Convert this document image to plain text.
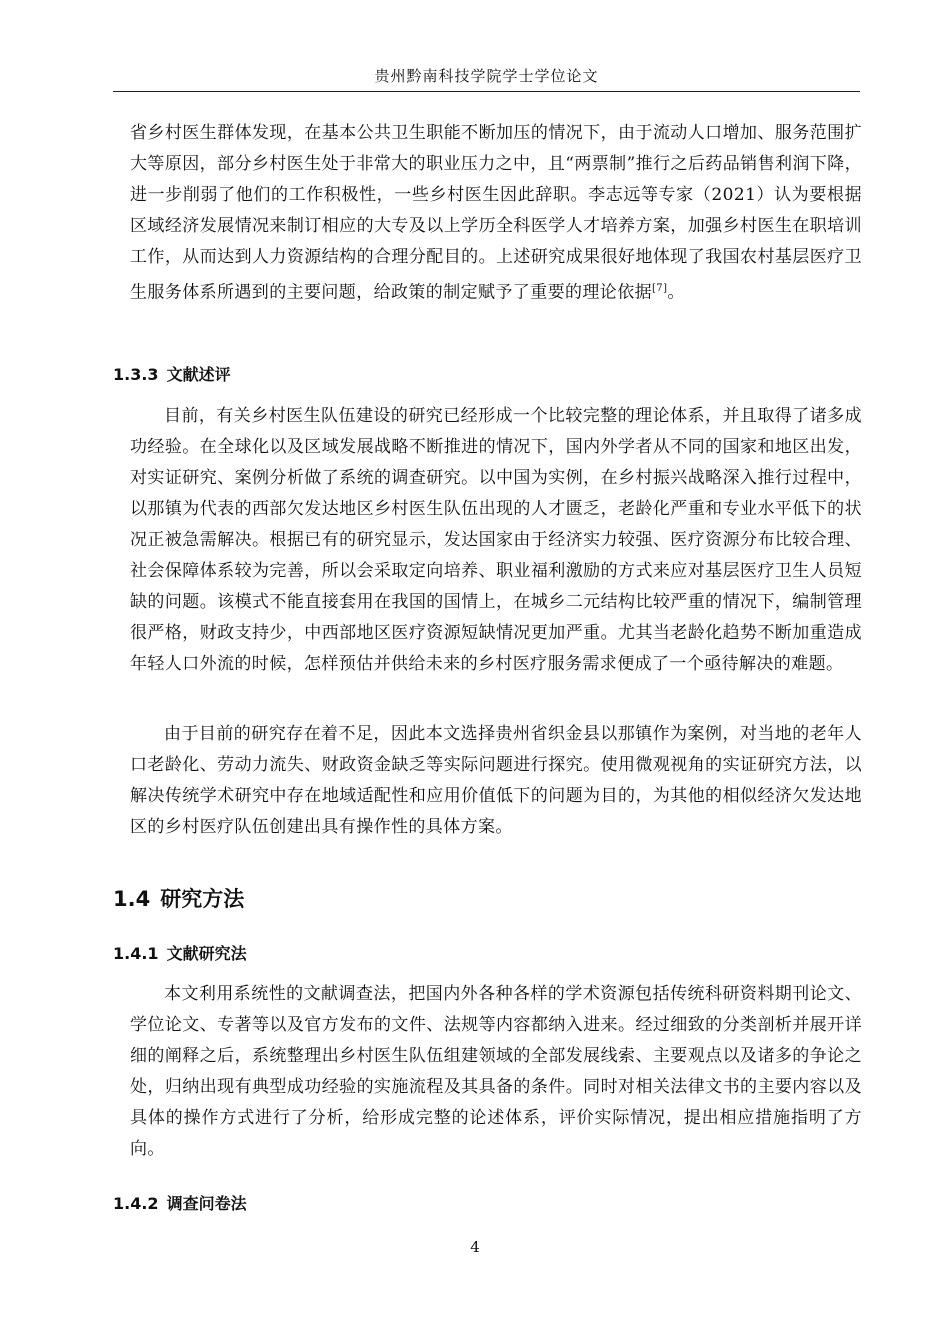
贵州黔南科技学院学士学位论文

省乡村医生群体发现，在基本公共卫生职能不断加压的情况下，由于流动人口增加、服务范围扩大等原因，部分乡村医生处于非常大的职业压力之中，且“两票制”推行之后药品销售利润下降，进一步削弱了他们的工作积极性，一些乡村医生因此辞职。李志远等专家（2021）认为要根据区域经济发展情况来制订相应的大专及以上学历全科医学人才培养方案，加强乡村医生在职培训工作，从而达到人力资源结构的合理分配目的。上述研究成果很好地体现了我国农村基层医疗卫生服务体系所遇到的主要问题，给政策的制定赋予了重要的理论依据[7]。

1.3.3 文献述评

目前，有关乡村医生队伍建设的研究已经形成一个比较完整的理论体系，并且取得了诸多成功经验。在全球化以及区域发展战略不断推进的情况下，国内外学者从不同的国家和地区出发，对实证研究、案例分析做了系统的调查研究。以中国为实例，在乡村振兴战略深入推行过程中，以那镇为代表的西部欠发达地区乡村医生队伍出现的人才匮乏，老龄化严重和专业水平低下的状况正被急需解决。根据已有的研究显示，发达国家由于经济实力较强、医疗资源分布比较合理、社会保障体系较为完善，所以会采取定向培养、职业福利激励的方式来应对基层医疗卫生人员短缺的问题。该模式不能直接套用在我国的国情上，在城乡二元结构比较严重的情况下，编制管理很严格，财政支持少，中西部地区医疗资源短缺情况更加严重。尤其当老龄化趋势不断加重造成年轻人口外流的时候，怎样预估并供给未来的乡村医疗服务需求便成了一个亟待解决的难题。

由于目前的研究存在着不足，因此本文选择贵州省织金县以那镇作为案例，对当地的老年人口老龄化、劳动力流失、财政资金缺乏等实际问题进行探究。使用微观视角的实证研究方法，以解决传统学术研究中存在地域适配性和应用价值低下的问题为目的，为其他的相似经济欠发达地区的乡村医疗队伍创建出具有操作性的具体方案。

1.4 研究方法
1.4.1 文献研究法

本文利用系统性的文献调查法，把国内外各种各样的学术资源包括传统科研资料期刊论文、学位论文、专著等以及官方发布的文件、法规等内容都纳入进来。经过细致的分类剖析并展开详细的阐释之后，系统整理出乡村医生队伍组建领域的全部发展线索、主要观点以及诸多的争论之处，归纳出现有典型成功经验的实施流程及其具备的条件。同时对相关法律文书的主要内容以及具体的操作方式进行了分析，给形成完整的论述体系，评价实际情况，提出相应措施指明了方向。

1.4.2 调查问卷法
4
